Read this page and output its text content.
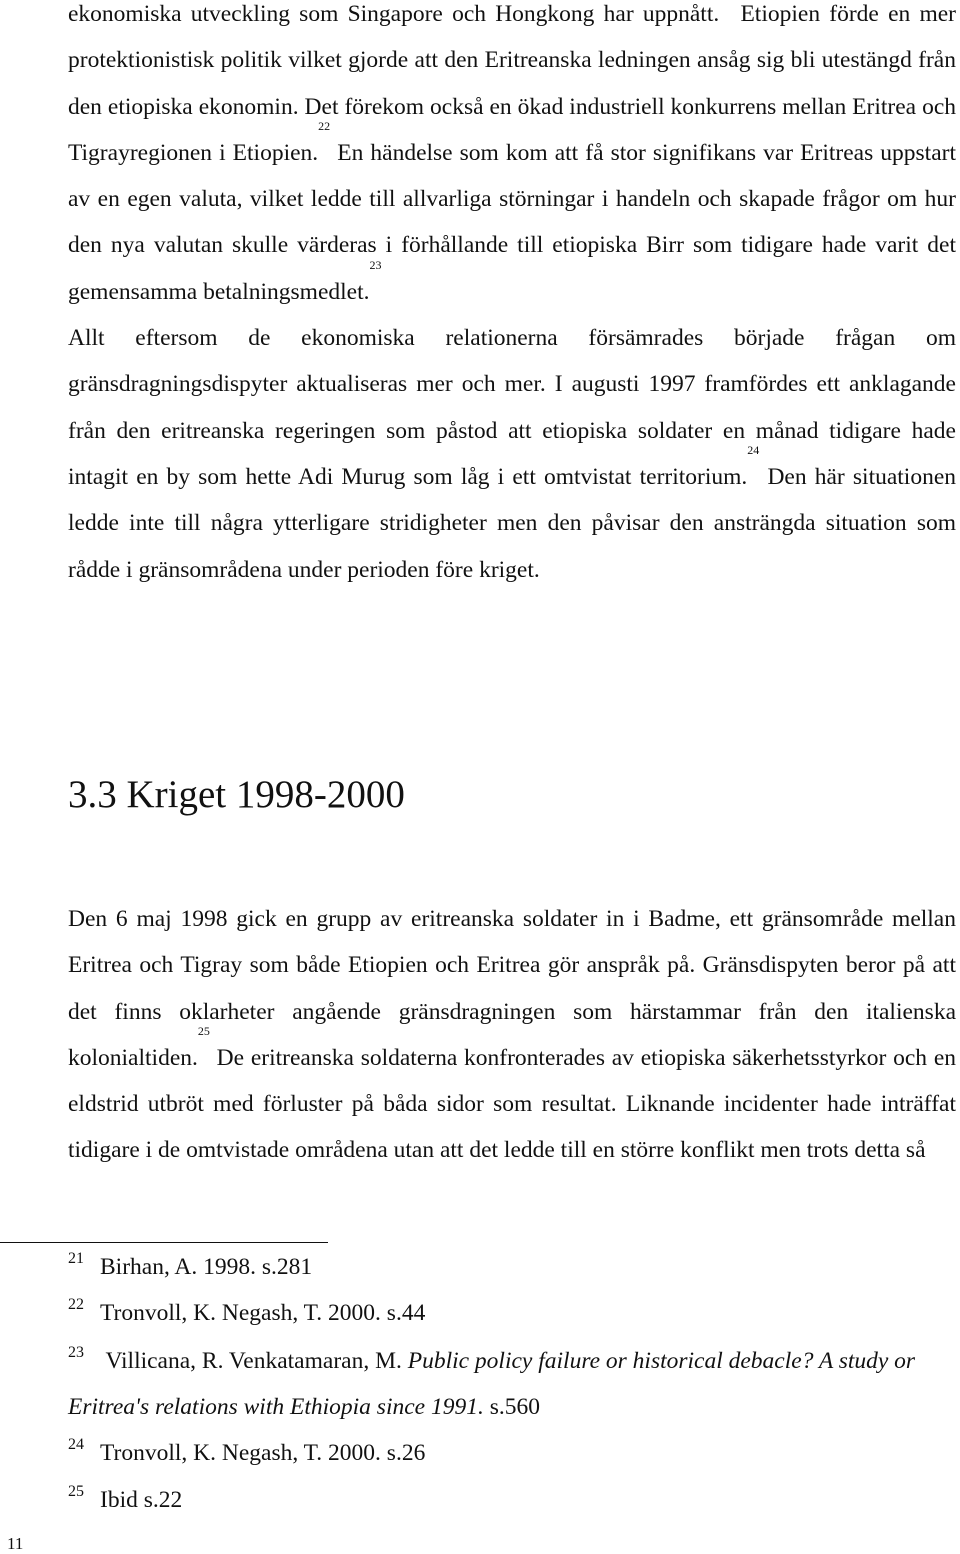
ekonomiska utveckling som Singapore och Hongkong har uppnått. Etiopien förde en mer protektionistisk politik vilket gjorde att den Eritreanska ledningen ansåg sig bli utestängd från den etiopiska ekonomin. Det förekom också en ökad industriell konkurrens mellan Eritrea och Tigrayregionen i Etiopien.$^{22}$ En händelse som kom att få stor signifikans var Eritreas uppstart av en egen valuta, vilket ledde till allvarliga störningar i handeln och skapade frågor om hur den nya valutan skulle värderas i förhållande till etiopiska Birr som tidigare hade varit det gemensamma betalningsmedlet.$^{23}$

Allt eftersom de ekonomiska relationerna försämrades började frågan om gränsdragningsdispyter aktualiseras mer och mer. I augusti 1997 framfördes ett anklagande från den eritreanska regeringen som påstod att etiopiska soldater en månad tidigare hade intagit en by som hette Adi Murug som låg i ett omtvistat territorium.$^{24}$ Den här situationen ledde inte till några ytterligare stridigheter men den påvisar den ansträngda situation som rådde i gränsområdena under perioden före kriget.

3.3 Kriget 1998-2000

Den 6 maj 1998 gick en grupp av eritreanska soldater in i Badme, ett gränsområde mellan Eritrea och Tigray som både Etiopien och Eritrea gör anspråk på. Gränsdispyten beror på att det finns oklarheter angående gränsdragningen som härstammar från den italienska kolonialtiden.$^{25}$ De eritreanska soldaterna konfronterades av etiopiska säkerhetsstyrkor och en eldstrid utbröt med förluster på båda sidor som resultat. Liknande incidenter hade inträffat tidigare i de omtvistade områdena utan att det ledde till en större konflikt men trots detta så

21 Birhan, A. 1998. s.281

22 Tronvoll, K. Negash, T. 2000. s.44

23 Villicana, R. Venkatamaran, M. Public policy failure or historical debacle? A study or Eritrea's relations with Ethiopia since 1991. s.560

24 Tronvoll, K. Negash, T. 2000. s.26

25 Ibid s.22

11
